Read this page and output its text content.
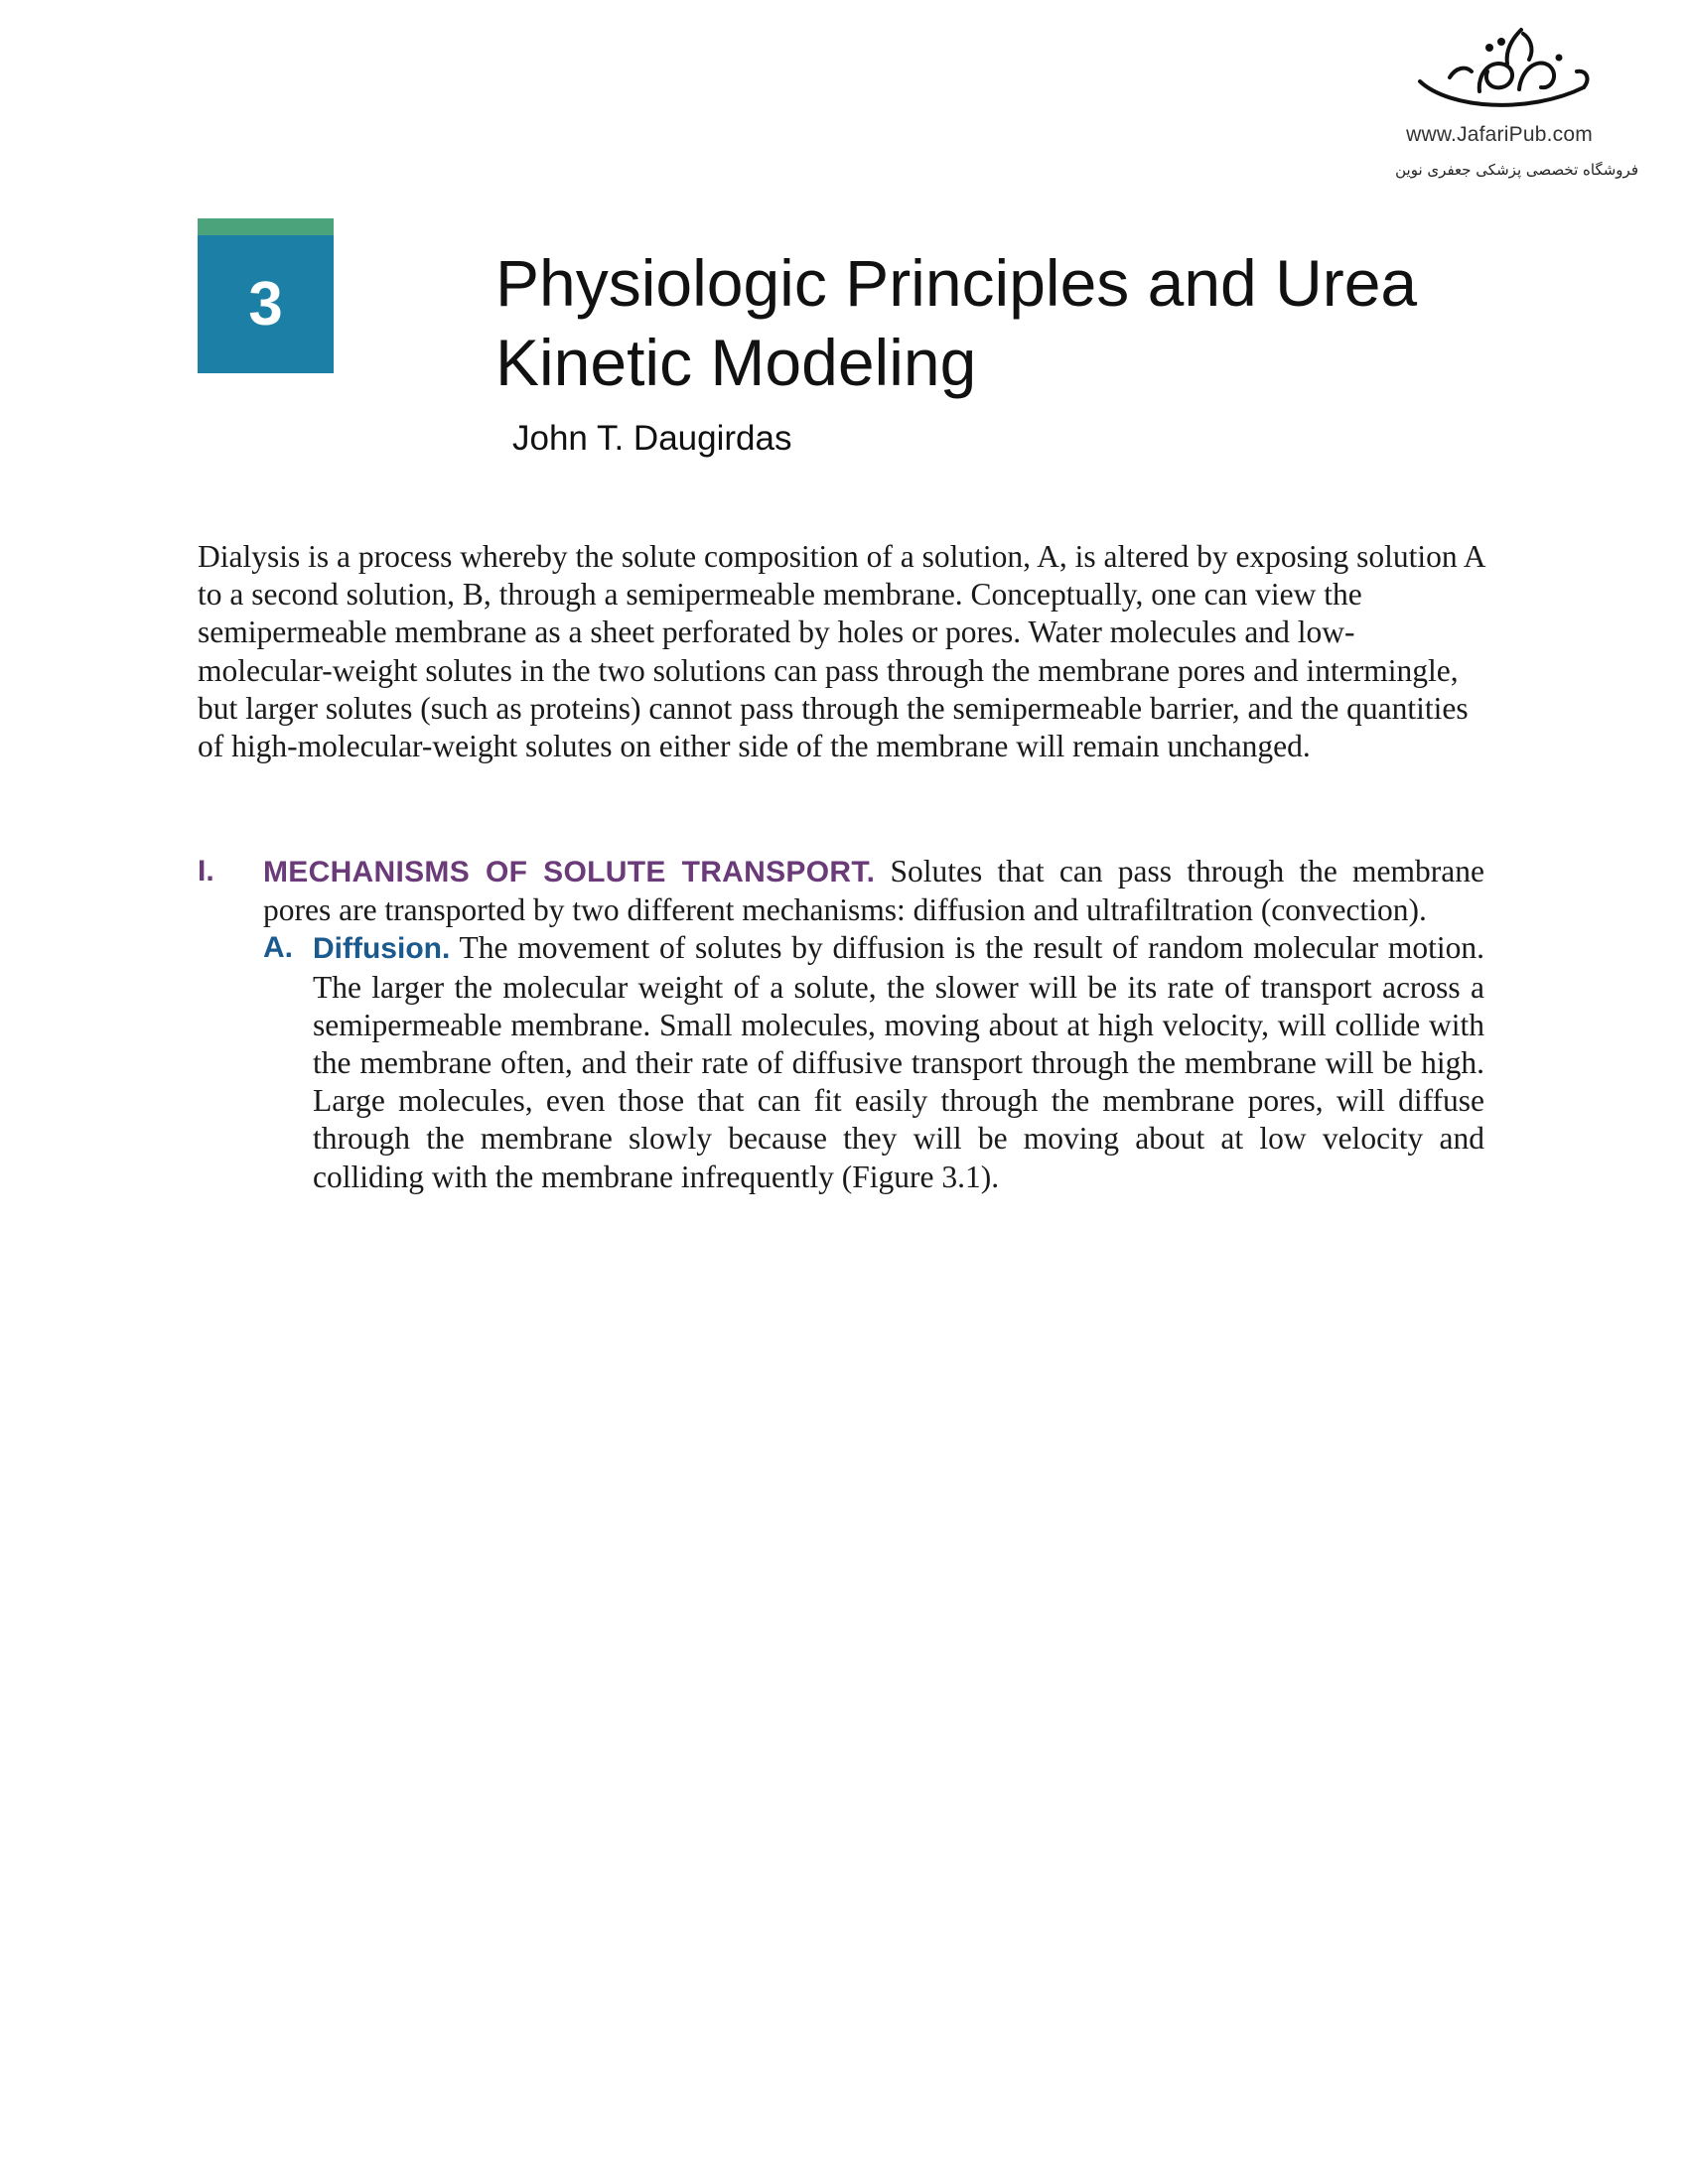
www.JafariPub.com
فروشگاه تخصصی پزشکی جعفری نوین
3	Physiologic Principles and Urea Kinetic Modeling
John T. Daugirdas

Dialysis is a process whereby the solute composition of a solution, A, is altered by exposing solution A to a second solution, B, through a semipermeable membrane. Conceptually, one can view the semipermeable membrane as a sheet perforated by holes or pores. Water molecules and low-molecular-weight solutes in the two solutions can pass through the membrane pores and intermingle, but larger solutes (such as proteins) cannot pass through the semipermeable barrier, and the quantities of high-molecular-weight solutes on either side of the membrane will remain unchanged.

I. MECHANISMS OF SOLUTE TRANSPORT. Solutes that can pass through the membrane pores are transported by two different mechanisms: diffusion and ultrafiltration (convection).

A. Diffusion. The movement of solutes by diffusion is the result of random molecular motion. The larger the molecular weight of a solute, the slower will be its rate of transport across a semipermeable membrane. Small molecules, moving about at high velocity, will collide with the membrane often, and their rate of diffusive transport through the membrane will be high. Large molecules, even those that can fit easily through the membrane pores, will diffuse through the membrane slowly because they will be moving about at low velocity and colliding with the membrane infrequently (Figure 3.1).
